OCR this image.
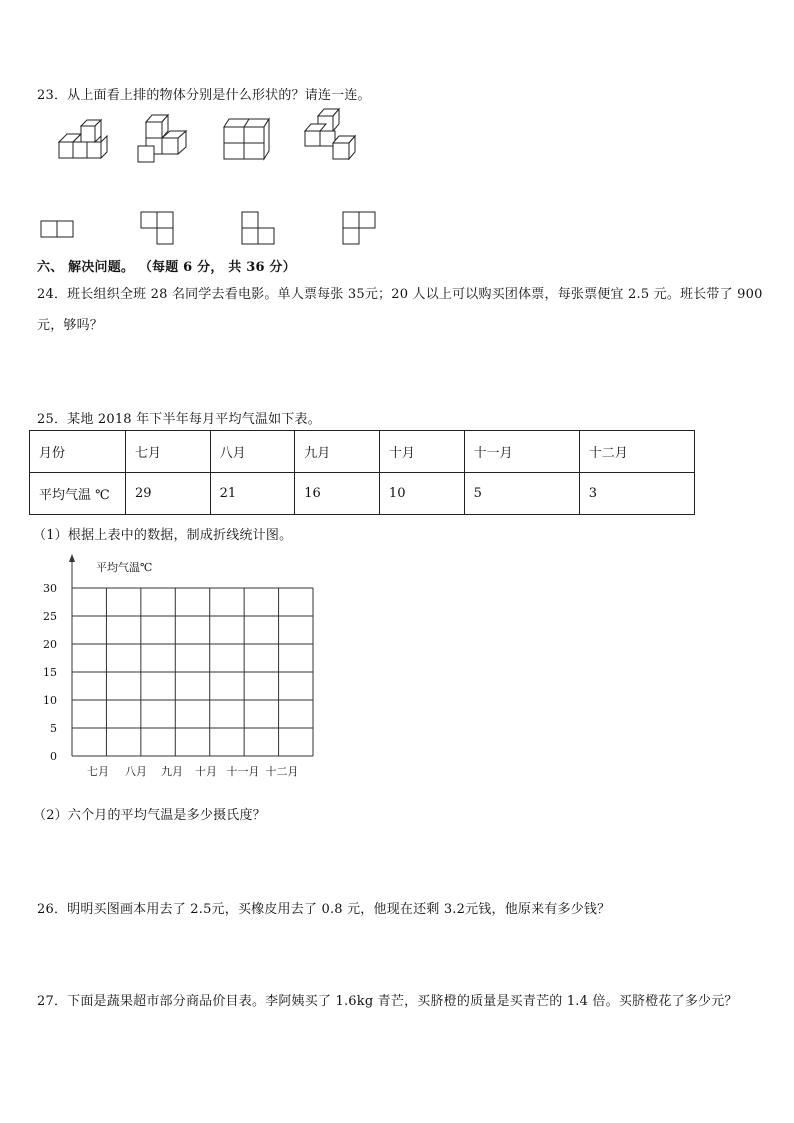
23．从上面看上排的物体分别是什么形状的？请连一连。
六、 解决问题。 （每题 6 分， 共 36 分）
24．班长组织全班 28 名同学去看电影。单人票每张 35元；20 人以上可以购买团体票，每张票便宜 2.5 元。班长带了 900
元，够吗？
25．某地 2018 年下半年每月平均气温如下表。
月份	七月	八月	九月	十月	十一月	十二月
平均气温 ℃	29	21	16	10	5	3
（1）根据上表中的数据，制成折线统计图。
30
25
20
15
10
5
0
平均气温℃
七月 八月 九月 十月 十一月 十二月
（2）六个月的平均气温是多少摄氏度？
26．明明买图画本用去了 2.5元，买橡皮用去了 0.8 元，他现在还剩 3.2元钱，他原来有多少钱？
27．下面是蔬果超市部分商品价目表。李阿姨买了 1.6kg 青芒，买脐橙的质量是买青芒的 1.4 倍。买脐橙花了多少元？
